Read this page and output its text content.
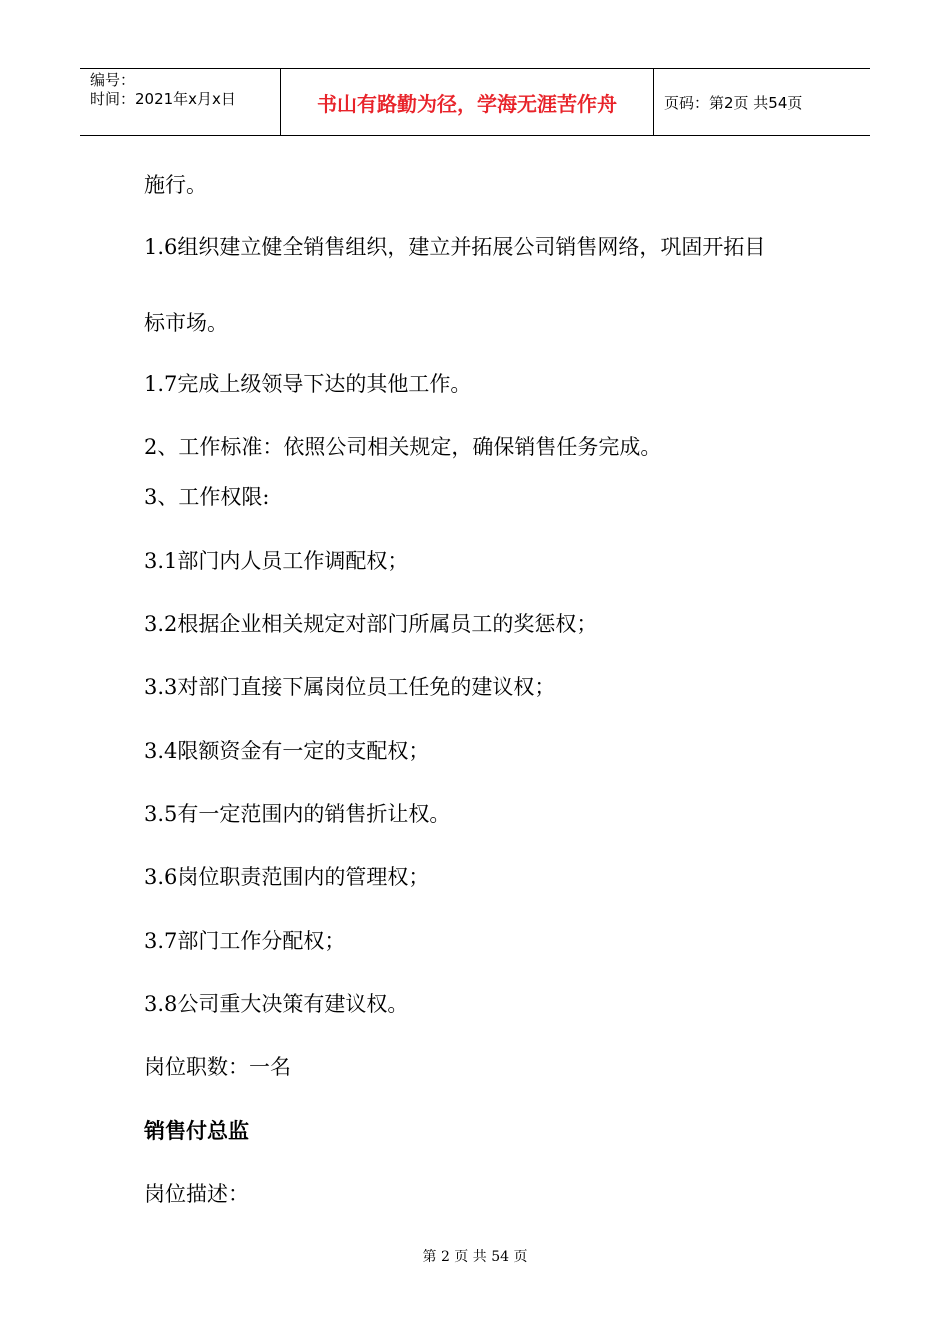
编号：
时间：2021年x月x日	书山有路勤为径，学海无涯苦作舟	页码：第2页 共54页
施行。
1.6组织建立健全销售组织，建立并拓展公司销售网络，巩固开拓目
标市场。
1.7完成上级领导下达的其他工作。
2、工作标准：依照公司相关规定，确保销售任务完成。
3、工作权限:
3.1部门内人员工作调配权；
3.2根据企业相关规定对部门所属员工的奖惩权；
3.3对部门直接下属岗位员工任免的建议权；
3.4限额资金有一定的支配权；
3.5有一定范围内的销售折让权。
3.6岗位职责范围内的管理权；
3.7部门工作分配权；
3.8公司重大决策有建议权。
岗位职数：一名
销售付总监
岗位描述：
第 2 页 共 54 页
